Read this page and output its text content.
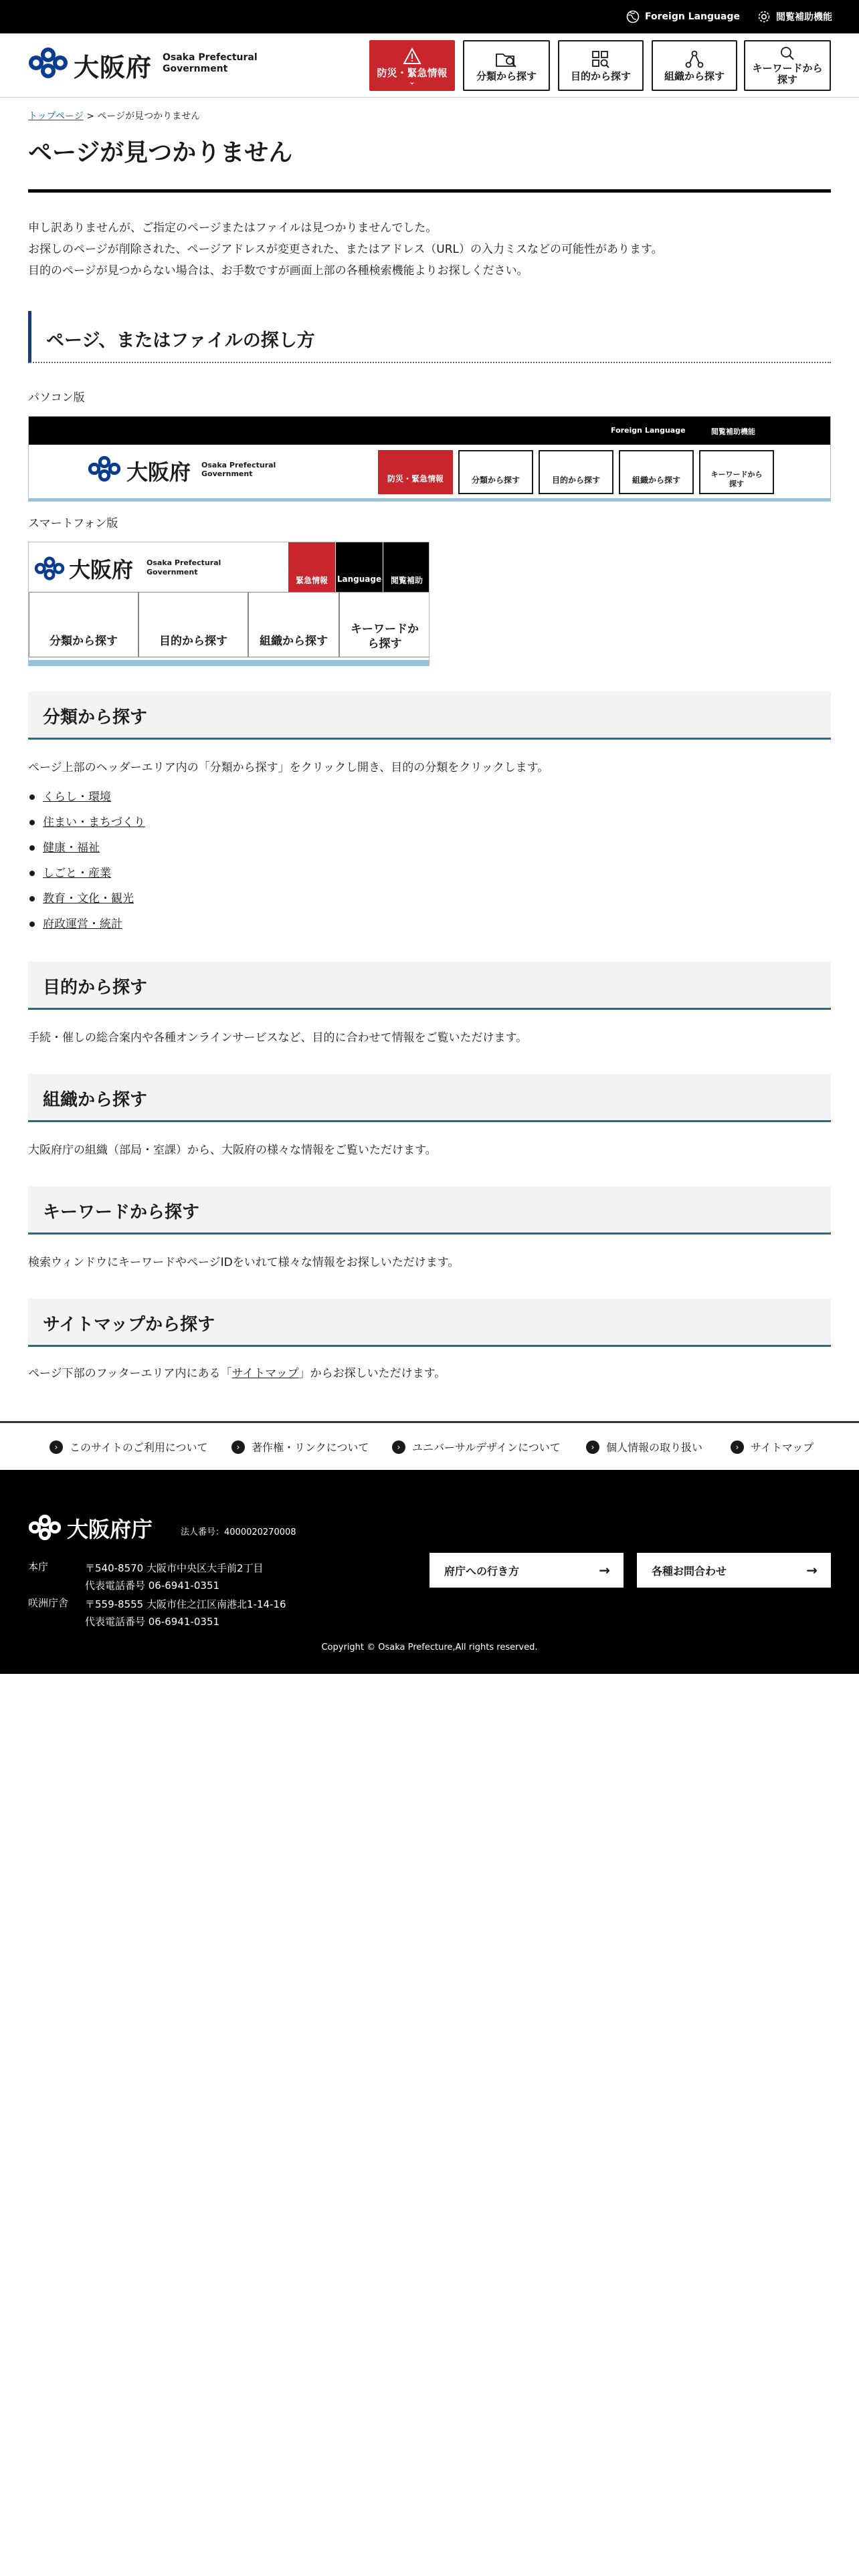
Foreign Language	閲覧補助機能
大阪府 Osaka Prefectural
Government	防災・緊急情報
⌄	分類から探す	目的から探す	組織から探す
キーワードから探す
トップページ > ページが見つかりません
ページが見つかりません

申し訳ありませんが、ご指定のページまたはファイルは見つかりませんでした。

お探しのページが削除された、ページアドレスが変更された、またはアドレス（URL）の入力ミスなどの可能性があります。

目的のページが見つからない場合は、お手数ですが画面上部の各種検索機能よりお探しください。

ページ、またはファイルの探し方
パソコン版
Foreign Language	閲覧補助機能
大阪府 Osaka Prefectural
Government
防災・緊急情報	分類から探す	目的から探す	組織から探す
キーワードから
探す
スマートフォン版
大阪府 Osaka Prefectural
Government
緊急情報	Language	閲覧補助
分類から探す	目的から探す	組織から探す
キーワードか
ら探す
分類から探す
ページ上部のヘッダーエリア内の「分類から探す」をクリックし開き、目的の分類をクリックします。
くらし・環境
住まい・まちづくり
健康・福祉
しごと・産業
教育・文化・観光
府政運営・統計
目的から探す
手続・催しの総合案内や各種オンラインサービスなど、目的に合わせて情報をご覧いただけます。
組織から探す
大阪府庁の組織（部局・室課）から、大阪府の様々な情報をご覧いただけます。
キーワードから探す
検索ウィンドウにキーワードやページIDをいれて様々な情報をお探しいただけます。
サイトマップから探す
ページ下部のフッターエリア内にある「サイトマップ」からお探しいただけます。
›	このサイトのご利用について	›	著作権・リンクについて	›	ユニバーサルデザインについて	›	個人情報の取り扱い	›	サイトマップ
大阪府庁	法人番号：4000020270008
本庁	〒540-8570 大阪市中央区大手前2丁目
代表電話番号 06-6941-0351
咲洲庁舎 〒559-8555 大阪市住之江区南港北1-14-16
代表電話番号 06-6941-0351
府庁への行き方	→	各種お問合わせ	→
Copyright © Osaka Prefecture,All rights reserved.
